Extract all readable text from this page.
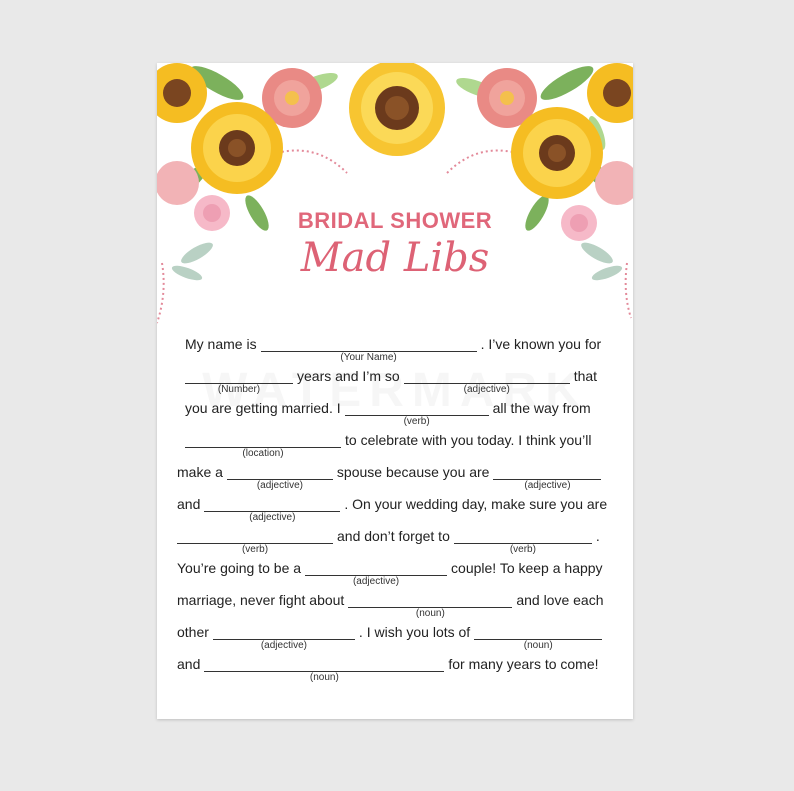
BRIDAL SHOWER
Mad Libs
My name is
(Your Name)
. I’ve known you for
(Number)
years and I’m so
(adjective)
that
you are getting married. I
(verb)
all the way from
(location)
to celebrate with you today. I think you’ll
make a
(adjective)
spouse because you are
(adjective)
and
(adjective)
. On your wedding day, make sure you are
(verb)
and don’t forget to
(verb)
.
You’re going to be a
(adjective)
couple! To keep a happy
marriage, never fight about
(noun)
and love each
other
(adjective)
. I wish you lots of
(noun)
and
(noun)
for many years to come!
